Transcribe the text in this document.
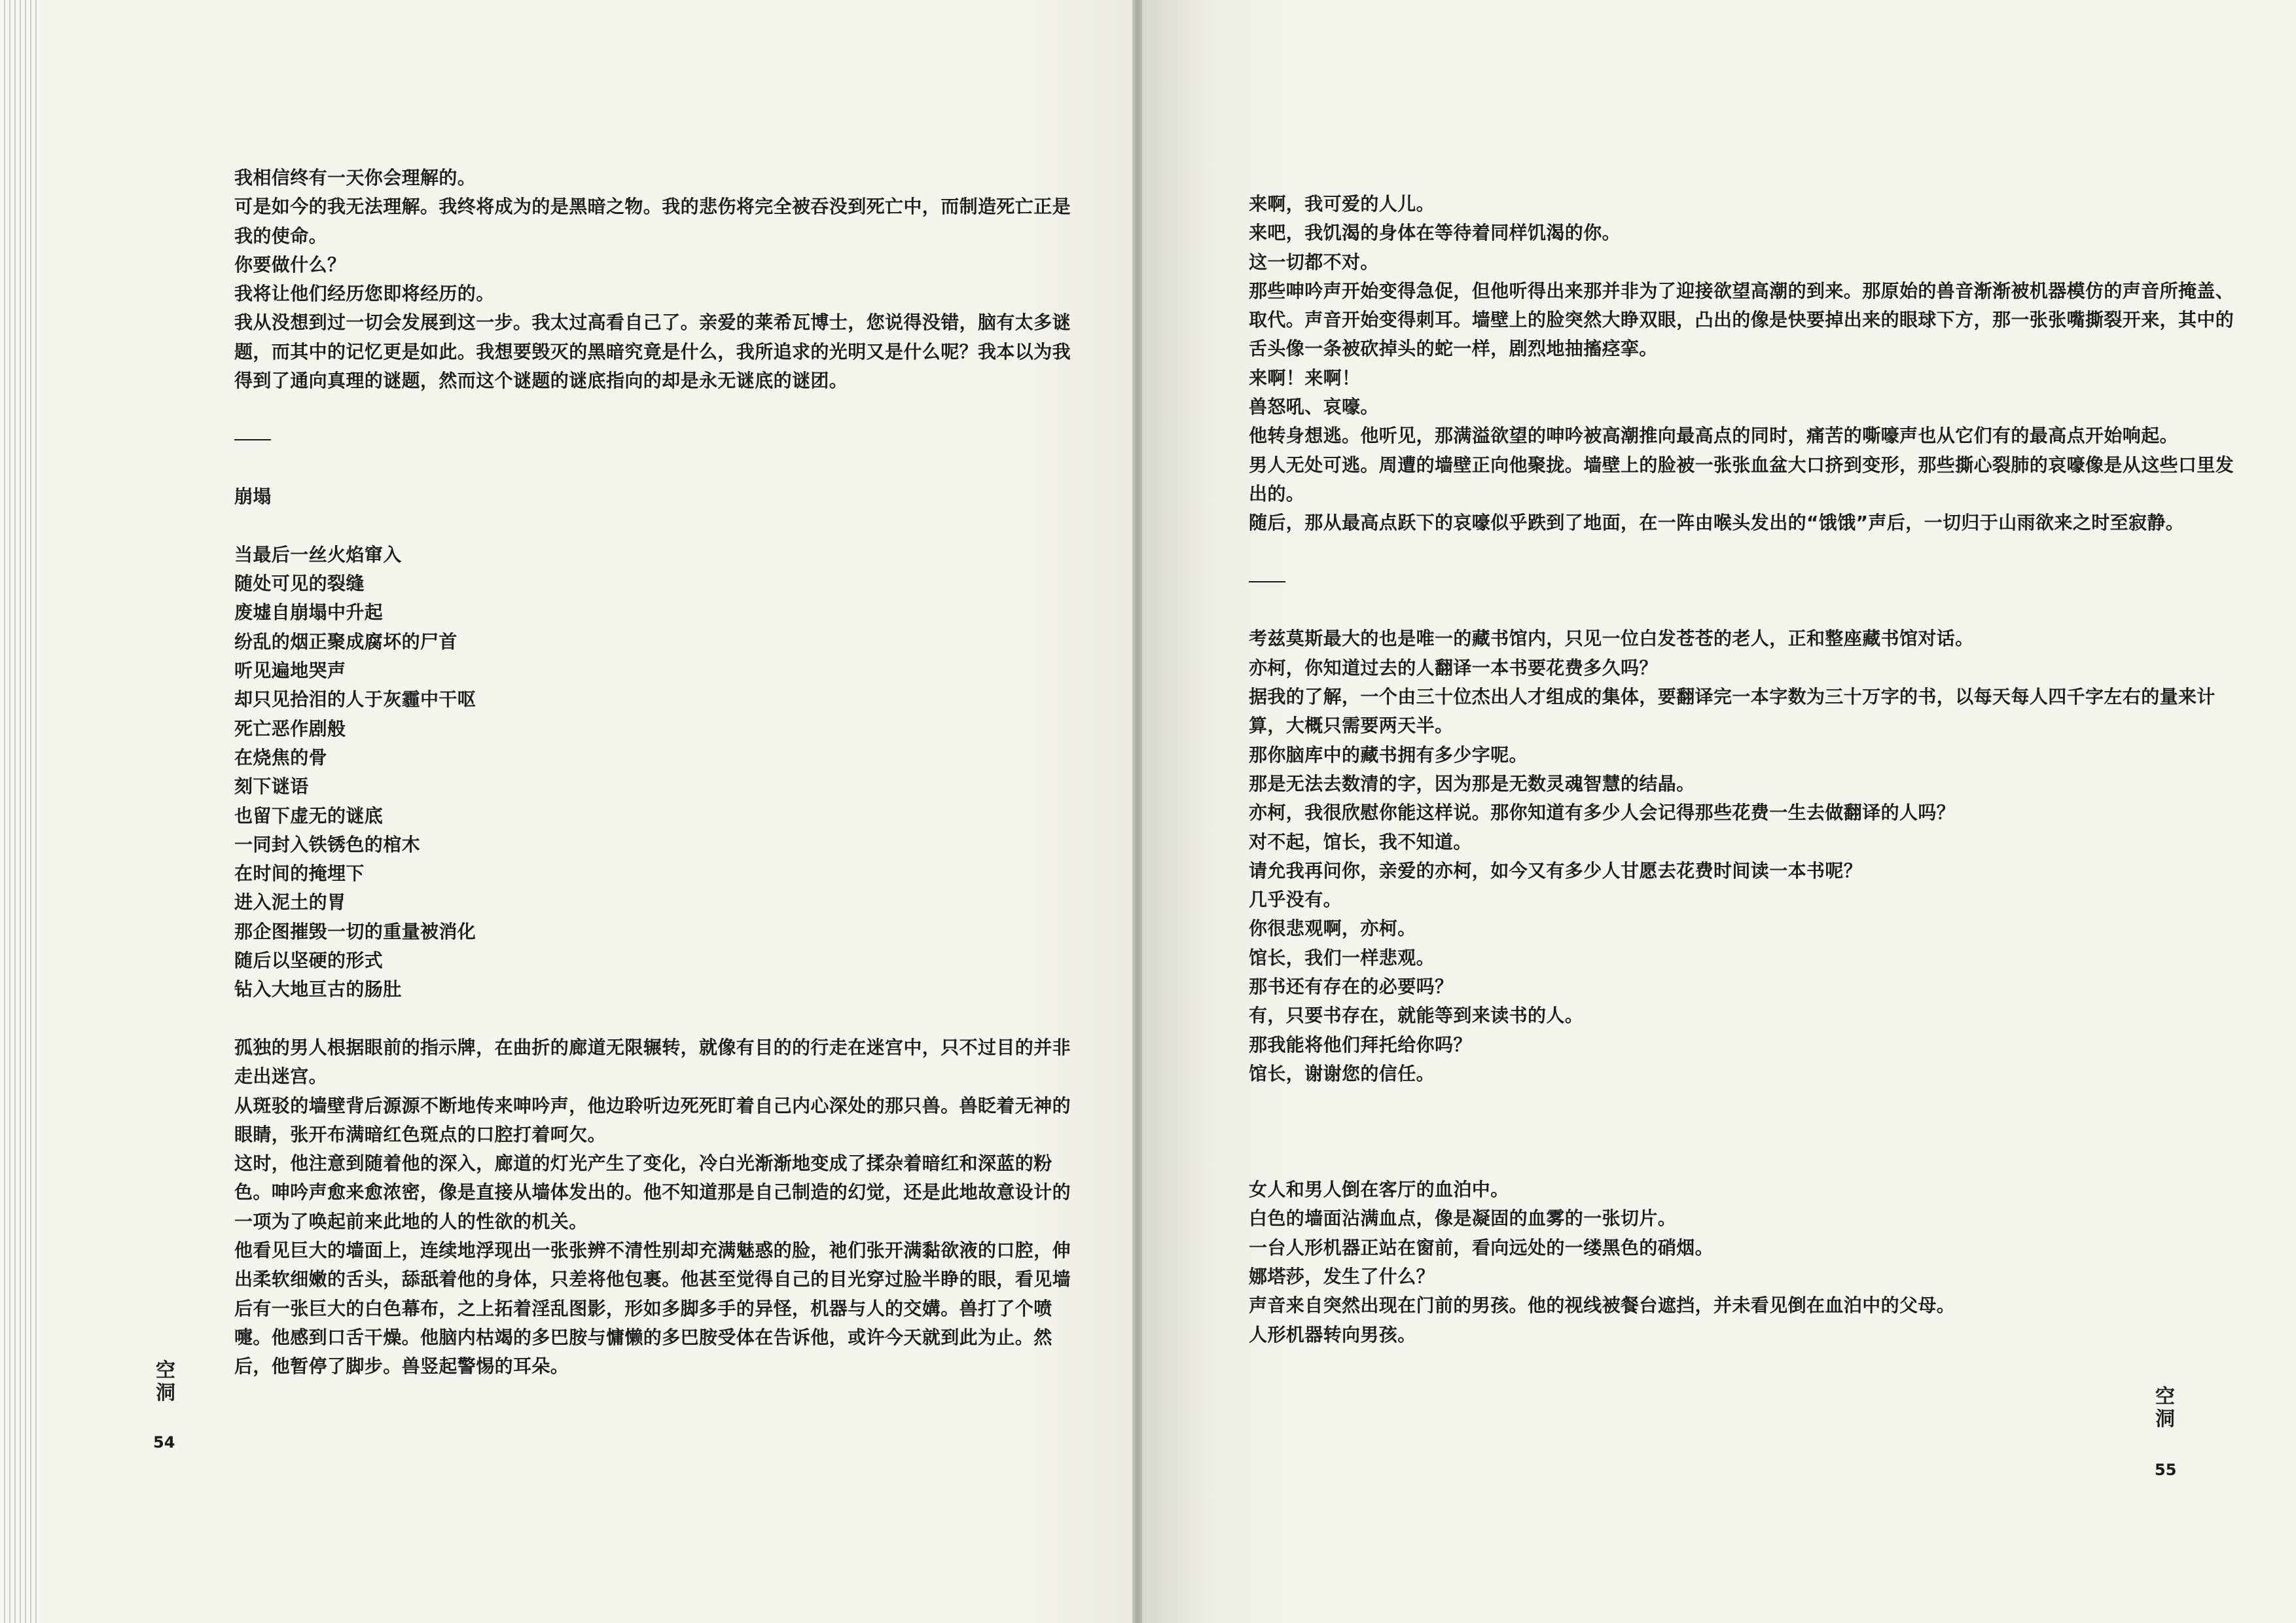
我相信终有一天你会理解的。

可是如今的我无法理解。我终将成为的是黑暗之物。我的悲伤将完全被吞没到死亡中，而制造死亡正是我的使命。

你要做什么？

我将让他们经历您即将经历的。

我从没想到过一切会发展到这一步。我太过高看自己了。亲爱的莱希瓦博士，您说得没错，脑有太多谜题，而其中的记忆更是如此。我想要毁灭的黑暗究竟是什么，我所追求的光明又是什么呢？我本以为我得到了通向真理的谜题，然而这个谜题的谜底指向的却是永无谜底的谜团。

崩塌

当最后一丝火焰窜入

随处可见的裂缝

废墟自崩塌中升起

纷乱的烟正聚成腐坏的尸首

听见遍地哭声

却只见拾泪的人于灰霾中干呕

死亡恶作剧般

在烧焦的骨

刻下谜语

也留下虚无的谜底

一同封入铁锈色的棺木

在时间的掩埋下

进入泥土的胃

那企图摧毁一切的重量被消化

随后以坚硬的形式

钻入大地亘古的肠肚

孤独的男人根据眼前的指示牌，在曲折的廊道无限辗转，就像有目的的行走在迷宫中，只不过目的并非走出迷宫。

从斑驳的墙壁背后源源不断地传来呻吟声，他边聆听边死死盯着自己内心深处的那只兽。兽眨着无神的眼睛，张开布满暗红色斑点的口腔打着呵欠。

这时，他注意到随着他的深入，廊道的灯光产生了变化，冷白光渐渐地变成了揉杂着暗红和深蓝的粉色。呻吟声愈来愈浓密，像是直接从墙体发出的。他不知道那是自己制造的幻觉，还是此地故意设计的一项为了唤起前来此地的人的性欲的机关。

他看见巨大的墙面上，连续地浮现出一张张辨不清性别却充满魅惑的脸，祂们张开满黏欲液的口腔，伸出柔软细嫩的舌头，舔舐着他的身体，只差将他包裹。他甚至觉得自己的目光穿过脸半睁的眼，看见墙后有一张巨大的白色幕布，之上拓着淫乱图影，形如多脚多手的异怪，机器与人的交媾。兽打了个喷嚏。他感到口舌干燥。他脑内枯竭的多巴胺与慵懒的多巴胺受体在告诉他，或许今天就到此为止。然后，他暂停了脚步。兽竖起警惕的耳朵。

空洞
54

来啊，我可爱的人儿。

来吧，我饥渴的身体在等待着同样饥渴的你。

这一切都不对。

那些呻吟声开始变得急促，但他听得出来那并非为了迎接欲望高潮的到来。那原始的兽音渐渐被机器模仿的声音所掩盖、取代。声音开始变得刺耳。墙壁上的脸突然大睁双眼，凸出的像是快要掉出来的眼球下方，那一张张嘴撕裂开来，其中的舌头像一条被砍掉头的蛇一样，剧烈地抽搐痉挛。

来啊！来啊！

兽怒吼、哀嚎。

他转身想逃。他听见，那满溢欲望的呻吟被高潮推向最高点的同时，痛苦的嘶嚎声也从它们有的最高点开始响起。

男人无处可逃。周遭的墙壁正向他聚拢。墙壁上的脸被一张张血盆大口挤到变形，那些撕心裂肺的哀嚎像是从这些口里发出的。

随后，那从最高点跃下的哀嚎似乎跌到了地面，在一阵由喉头发出的“饿饿”声后，一切归于山雨欲来之时至寂静。

考兹莫斯最大的也是唯一的藏书馆内，只见一位白发苍苍的老人，正和整座藏书馆对话。

亦柯，你知道过去的人翻译一本书要花费多久吗？

据我的了解，一个由三十位杰出人才组成的集体，要翻译完一本字数为三十万字的书，以每天每人四千字左右的量来计算，大概只需要两天半。

那你脑库中的藏书拥有多少字呢。

那是无法去数清的字，因为那是无数灵魂智慧的结晶。

亦柯，我很欣慰你能这样说。那你知道有多少人会记得那些花费一生去做翻译的人吗？

对不起，馆长，我不知道。

请允我再问你，亲爱的亦柯，如今又有多少人甘愿去花费时间读一本书呢？

几乎没有。

你很悲观啊，亦柯。

馆长，我们一样悲观。

那书还有存在的必要吗？

有，只要书存在，就能等到来读书的人。

那我能将他们拜托给你吗？

馆长，谢谢您的信任。

女人和男人倒在客厅的血泊中。

白色的墙面沾满血点，像是凝固的血雾的一张切片。

一台人形机器正站在窗前，看向远处的一缕黑色的硝烟。

娜塔莎，发生了什么？

声音来自突然出现在门前的男孩。他的视线被餐台遮挡，并未看见倒在血泊中的父母。

人形机器转向男孩。

空洞
55
